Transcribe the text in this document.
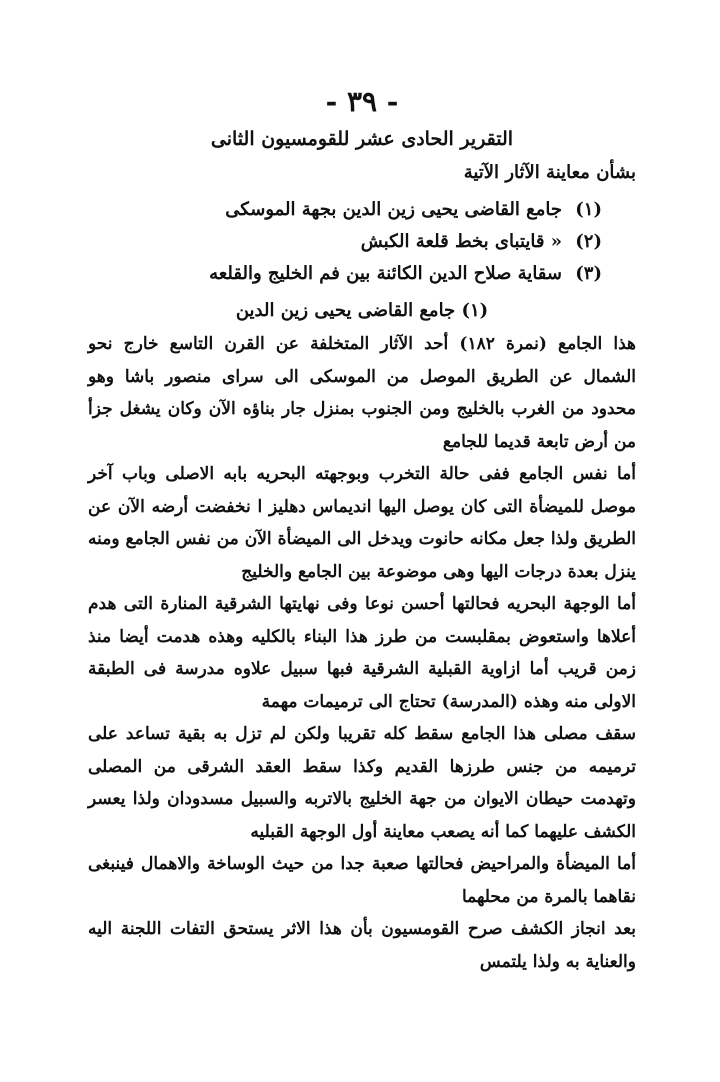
- ٣٩ -
التقرير الحادى عشر للقومسيون الثانى
بشأن معاينة الآثار الآتية
(١)
جامع القاضى يحيى زين الدين بجهة الموسكى
(٢)
« قايتباى بخط قلعة الكبش
(٣)
سقاية صلاح الدين الكائنة بين فم الخليج والقلعه
(١) جامع القاضى يحيى زين الدين

هذا الجامع (نمرة ١٨٢) أحد الآثار المتخلفة عن القرن التاسع خارج نحو الشمال عن الطريق الموصل من الموسكى الى سراى منصور باشا وهو محدود من الغرب بالخليج ومن الجنوب بمنزل جار بناؤه الآن وكان يشغل جزأ من أرض تابعة قديما للجامع

أما نفس الجامع ففى حالة التخرب وبوجهته البحريه بابه الاصلى وباب آخر موصل للميضأة التى كان يوصل اليها انديماس دهليز ا نخفضت أرضه الآن عن الطريق ولذا جعل مكانه حانوت ويدخل الى الميضأة الآن من نفس الجامع ومنه ينزل بعدة درجات اليها وهى موضوعة بين الجامع والخليج

أما الوجهة البحريه فحالتها أحسن نوعا وفى نهايتها الشرقية المنارة التى هدم أعلاها واستعوض بمقلبست من طرز هذا البناء بالكليه وهذه هدمت أيضا منذ زمن قريب أما ازاوية القبلية الشرقية فبها سبيل علاوه مدرسة فى الطبقة الاولى منه وهذه (المدرسة) تحتاج الى ترميمات مهمة

سقف مصلى هذا الجامع سقط كله تقريبا ولكن لم تزل به بقية تساعد على ترميمه من جنس طرزها القديم وكذا سقط العقد الشرقى من المصلى وتهدمت حيطان الايوان من جهة الخليج بالاتربه والسبيل مسدودان ولذا يعسر الكشف عليهما كما أنه يصعب معاينة أول الوجهة القبليه

أما الميضأة والمراحيض فحالتها صعبة جدا من حيث الوساخة والاهمال فينبغى نقاهما بالمرة من محلهما

بعد انجاز الكشف صرح القومسيون بأن هذا الاثر يستحق التفات اللجنة اليه والعناية به ولذا يلتمس
